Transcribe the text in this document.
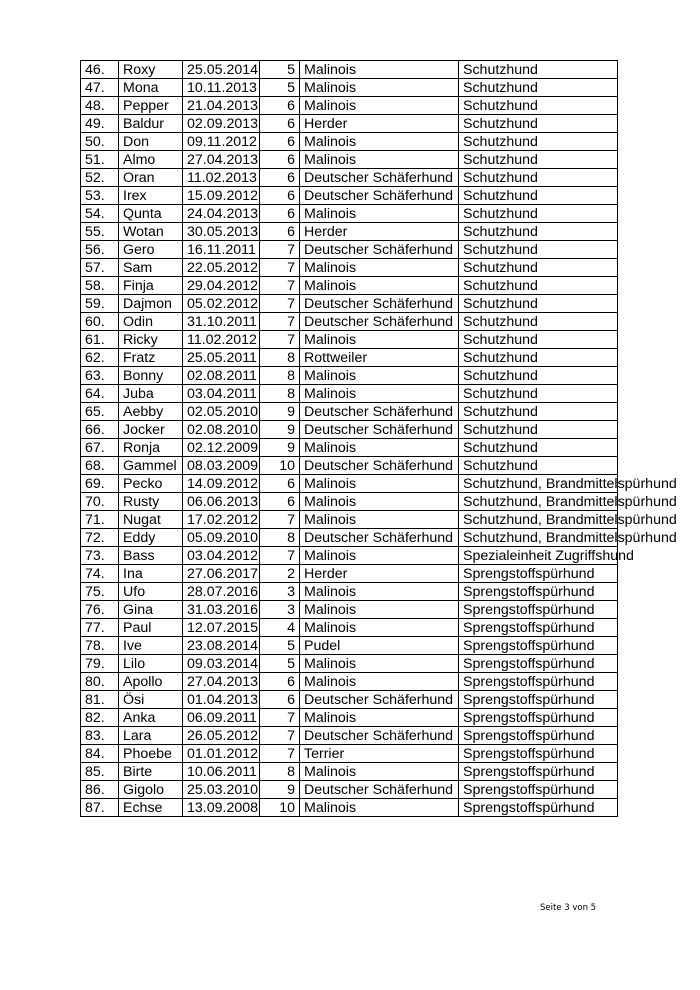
46.	Roxy	25.05.2014	5	Malinois	Schutzhund
47.	Mona	10.11.2013	5	Malinois	Schutzhund
48.	Pepper	21.04.2013	6	Malinois	Schutzhund
49.	Baldur	02.09.2013	6	Herder	Schutzhund
50.	Don	09.11.2012	6	Malinois	Schutzhund
51.	Almo	27.04.2013	6	Malinois	Schutzhund
52.	Oran	11.02.2013	6	Deutscher Schäferhund	Schutzhund
53.	Irex	15.09.2012	6	Deutscher Schäferhund	Schutzhund
54.	Qunta	24.04.2013	6	Malinois	Schutzhund
55.	Wotan	30.05.2013	6	Herder	Schutzhund
56.	Gero	16.11.2011	7	Deutscher Schäferhund	Schutzhund
57.	Sam	22.05.2012	7	Malinois	Schutzhund
58.	Finja	29.04.2012	7	Malinois	Schutzhund
59.	Dajmon	05.02.2012	7	Deutscher Schäferhund	Schutzhund
60.	Odin	31.10.2011	7	Deutscher Schäferhund	Schutzhund
61.	Ricky	11.02.2012	7	Malinois	Schutzhund
62.	Fratz	25.05.2011	8	Rottweiler	Schutzhund
63.	Bonny	02.08.2011	8	Malinois	Schutzhund
64.	Juba	03.04.2011	8	Malinois	Schutzhund
65.	Aebby	02.05.2010	9	Deutscher Schäferhund	Schutzhund
66.	Jocker	02.08.2010	9	Deutscher Schäferhund	Schutzhund
67.	Ronja	02.12.2009	9	Malinois	Schutzhund
68.	Gammel	08.03.2009	10	Deutscher Schäferhund	Schutzhund
69.	Pecko	14.09.2012	6	Malinois	Schutzhund, Brandmittelspürhund
70.	Rusty	06.06.2013	6	Malinois	Schutzhund, Brandmittelspürhund
71.	Nugat	17.02.2012	7	Malinois	Schutzhund, Brandmittelspürhund
72.	Eddy	05.09.2010	8	Deutscher Schäferhund	Schutzhund, Brandmittelspürhund
73.	Bass	03.04.2012	7	Malinois	Spezialeinheit Zugriffshund
74.	Ina	27.06.2017	2	Herder	Sprengstoffspürhund
75.	Ufo	28.07.2016	3	Malinois	Sprengstoffspürhund
76.	Gina	31.03.2016	3	Malinois	Sprengstoffspürhund
77.	Paul	12.07.2015	4	Malinois	Sprengstoffspürhund
78.	Ive	23.08.2014	5	Pudel	Sprengstoffspürhund
79.	Lilo	09.03.2014	5	Malinois	Sprengstoffspürhund
80.	Apollo	27.04.2013	6	Malinois	Sprengstoffspürhund
81.	Ösi	01.04.2013	6	Deutscher Schäferhund	Sprengstoffspürhund
82.	Anka	06.09.2011	7	Malinois	Sprengstoffspürhund
83.	Lara	26.05.2012	7	Deutscher Schäferhund	Sprengstoffspürhund
84.	Phoebe	01.01.2012	7	Terrier	Sprengstoffspürhund
85.	Birte	10.06.2011	8	Malinois	Sprengstoffspürhund
86.	Gigolo	25.03.2010	9	Deutscher Schäferhund	Sprengstoffspürhund
87.	Echse	13.09.2008	10	Malinois	Sprengstoffspürhund
Seite 3 von 5
